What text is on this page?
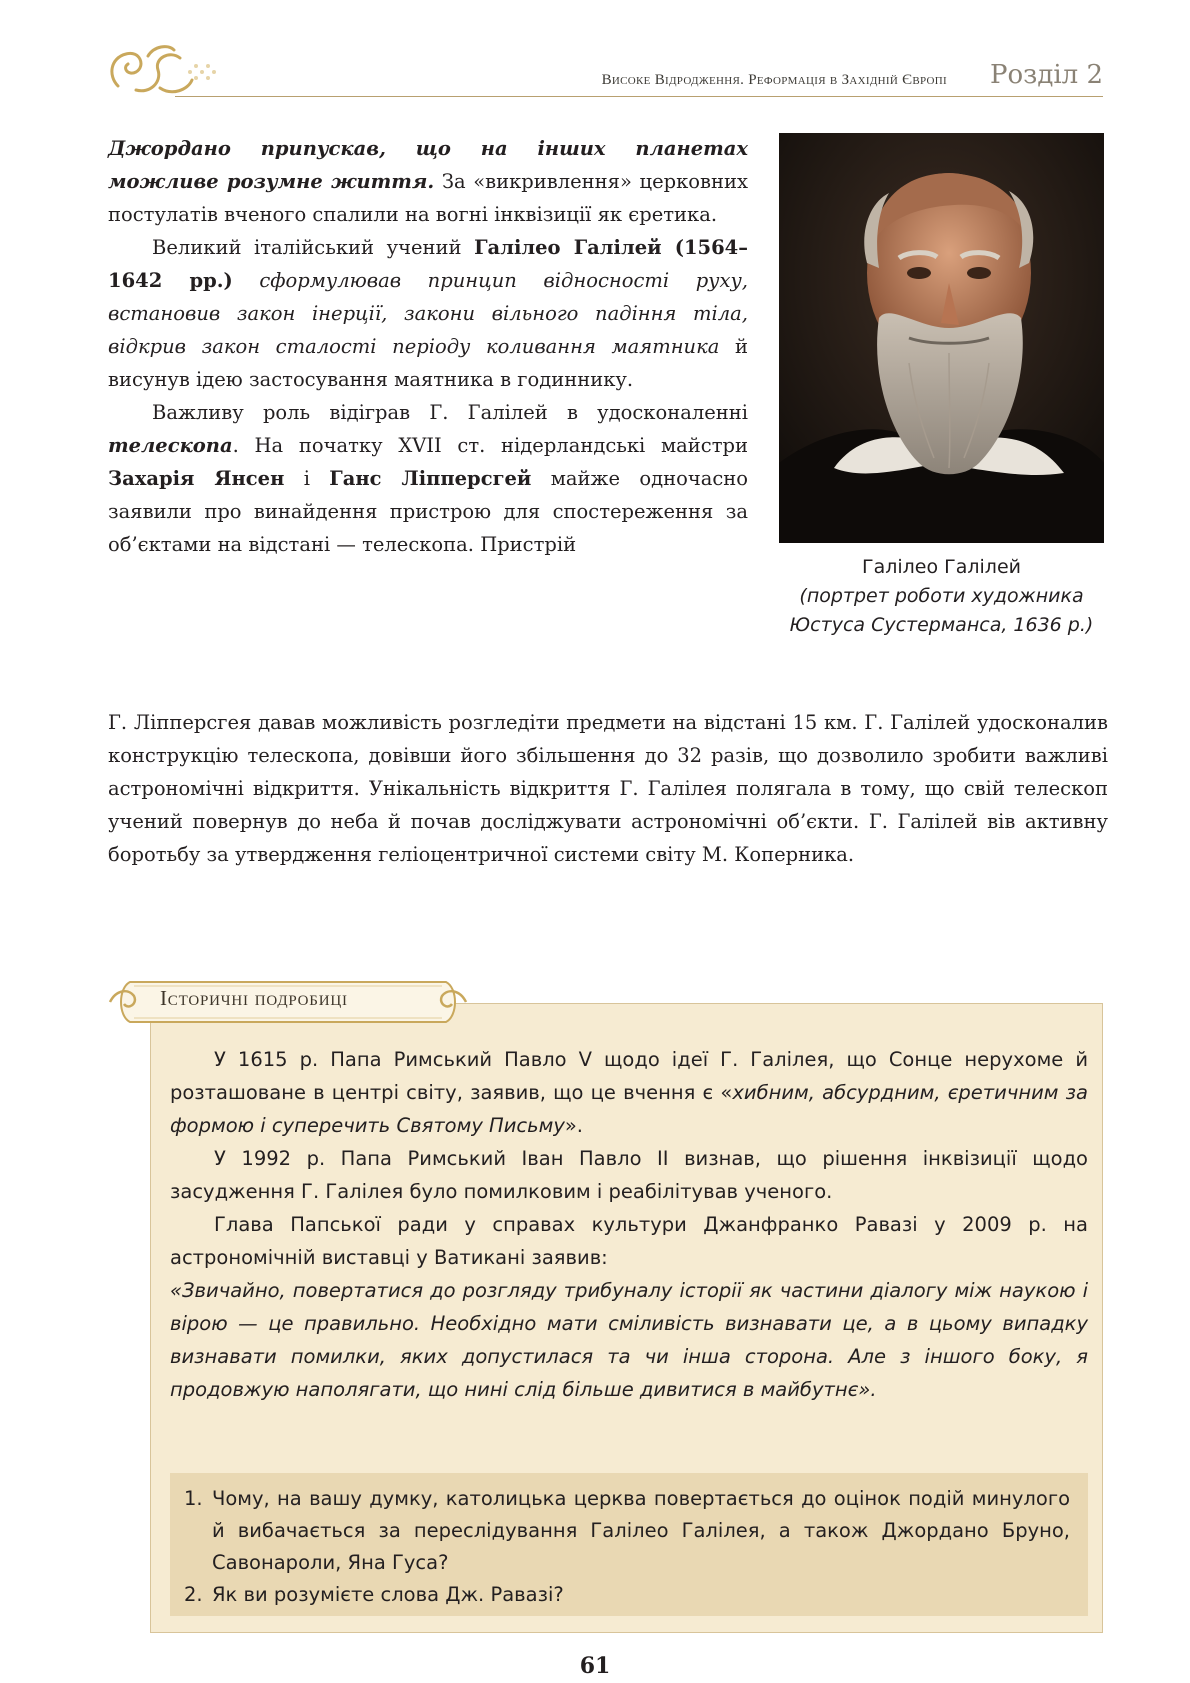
Високе Відродження. Реформація в Західній Європі Розділ 2

Джордано припускав, що на інших планетах можливе розумне життя. За «викривлення» церковних постулатів вченого спалили на вогні інквізиції як єретика.

Великий італійський учений Галілео Галілей (1564–1642 рр.) сформулював принцип відносності руху, встановив закон інерції, закони вільного падіння тіла, відкрив закон сталості періоду коливання маятника й висунув ідею застосування маятника в годиннику.

Важливу роль відіграв Г. Галілей в удосконаленні телескопа. На початку XVII ст. нідерландські майстри Захарія Янсен і Ганс Ліпперсгей майже одночасно заявили про винайдення пристрою для спостереження за об’єктами на відстані — телескопа. Пристрій

Галілео Галілей
(портрет роботи художника Юстуса Сустерманса, 1636 р.)
Г. Ліпперсгея давав можливість розгледіти предмети на відстані 15 км. Г. Галілей удосконалив конструкцію телескопа, довівши його збільшення до 32 разів, що дозволило зробити важливі астрономічні відкриття. Унікальність відкриття Г. Галілея полягала в тому, що свій телескоп учений повернув до неба й почав досліджувати астрономічні об’єкти. Г. Галілей вів активну боротьбу за утвердження геліоцентричної системи світу М. Коперника.
Історичні подробиці

У 1615 р. Папа Римський Павло V щодо ідеї Г. Галілея, що Сонце нерухоме й розташоване в центрі світу, заявив, що це вчення є «хибним, абсурдним, єретичним за формою і суперечить Святому Письму».

У 1992 р. Папа Римський Іван Павло II визнав, що рішення інквізиції щодо засудження Г. Галілея було помилковим і реабілітував ученого.

Глава Папської ради у справах культури Джанфранко Равазі у 2009 р. на астрономічній виставці у Ватикані заявив:

«Звичайно, повертатися до розгляду трибуналу історії як частини діалогу між наукою і вірою — це правильно. Необхідно мати сміливість визнавати це, а в цьому випадку визнавати помилки, яких допустилася та чи інша сторона. Але з іншого боку, я продовжую наполягати, що нині слід більше дивитися в майбутнє».

1. Чому, на вашу думку, католицька церква повертається до оцінок подій минулого й вибачається за переслідування Галілео Галілея, а також Джордано Бруно, Савонароли, Яна Гуса?
2. Як ви розумієте слова Дж. Равазі?
61
